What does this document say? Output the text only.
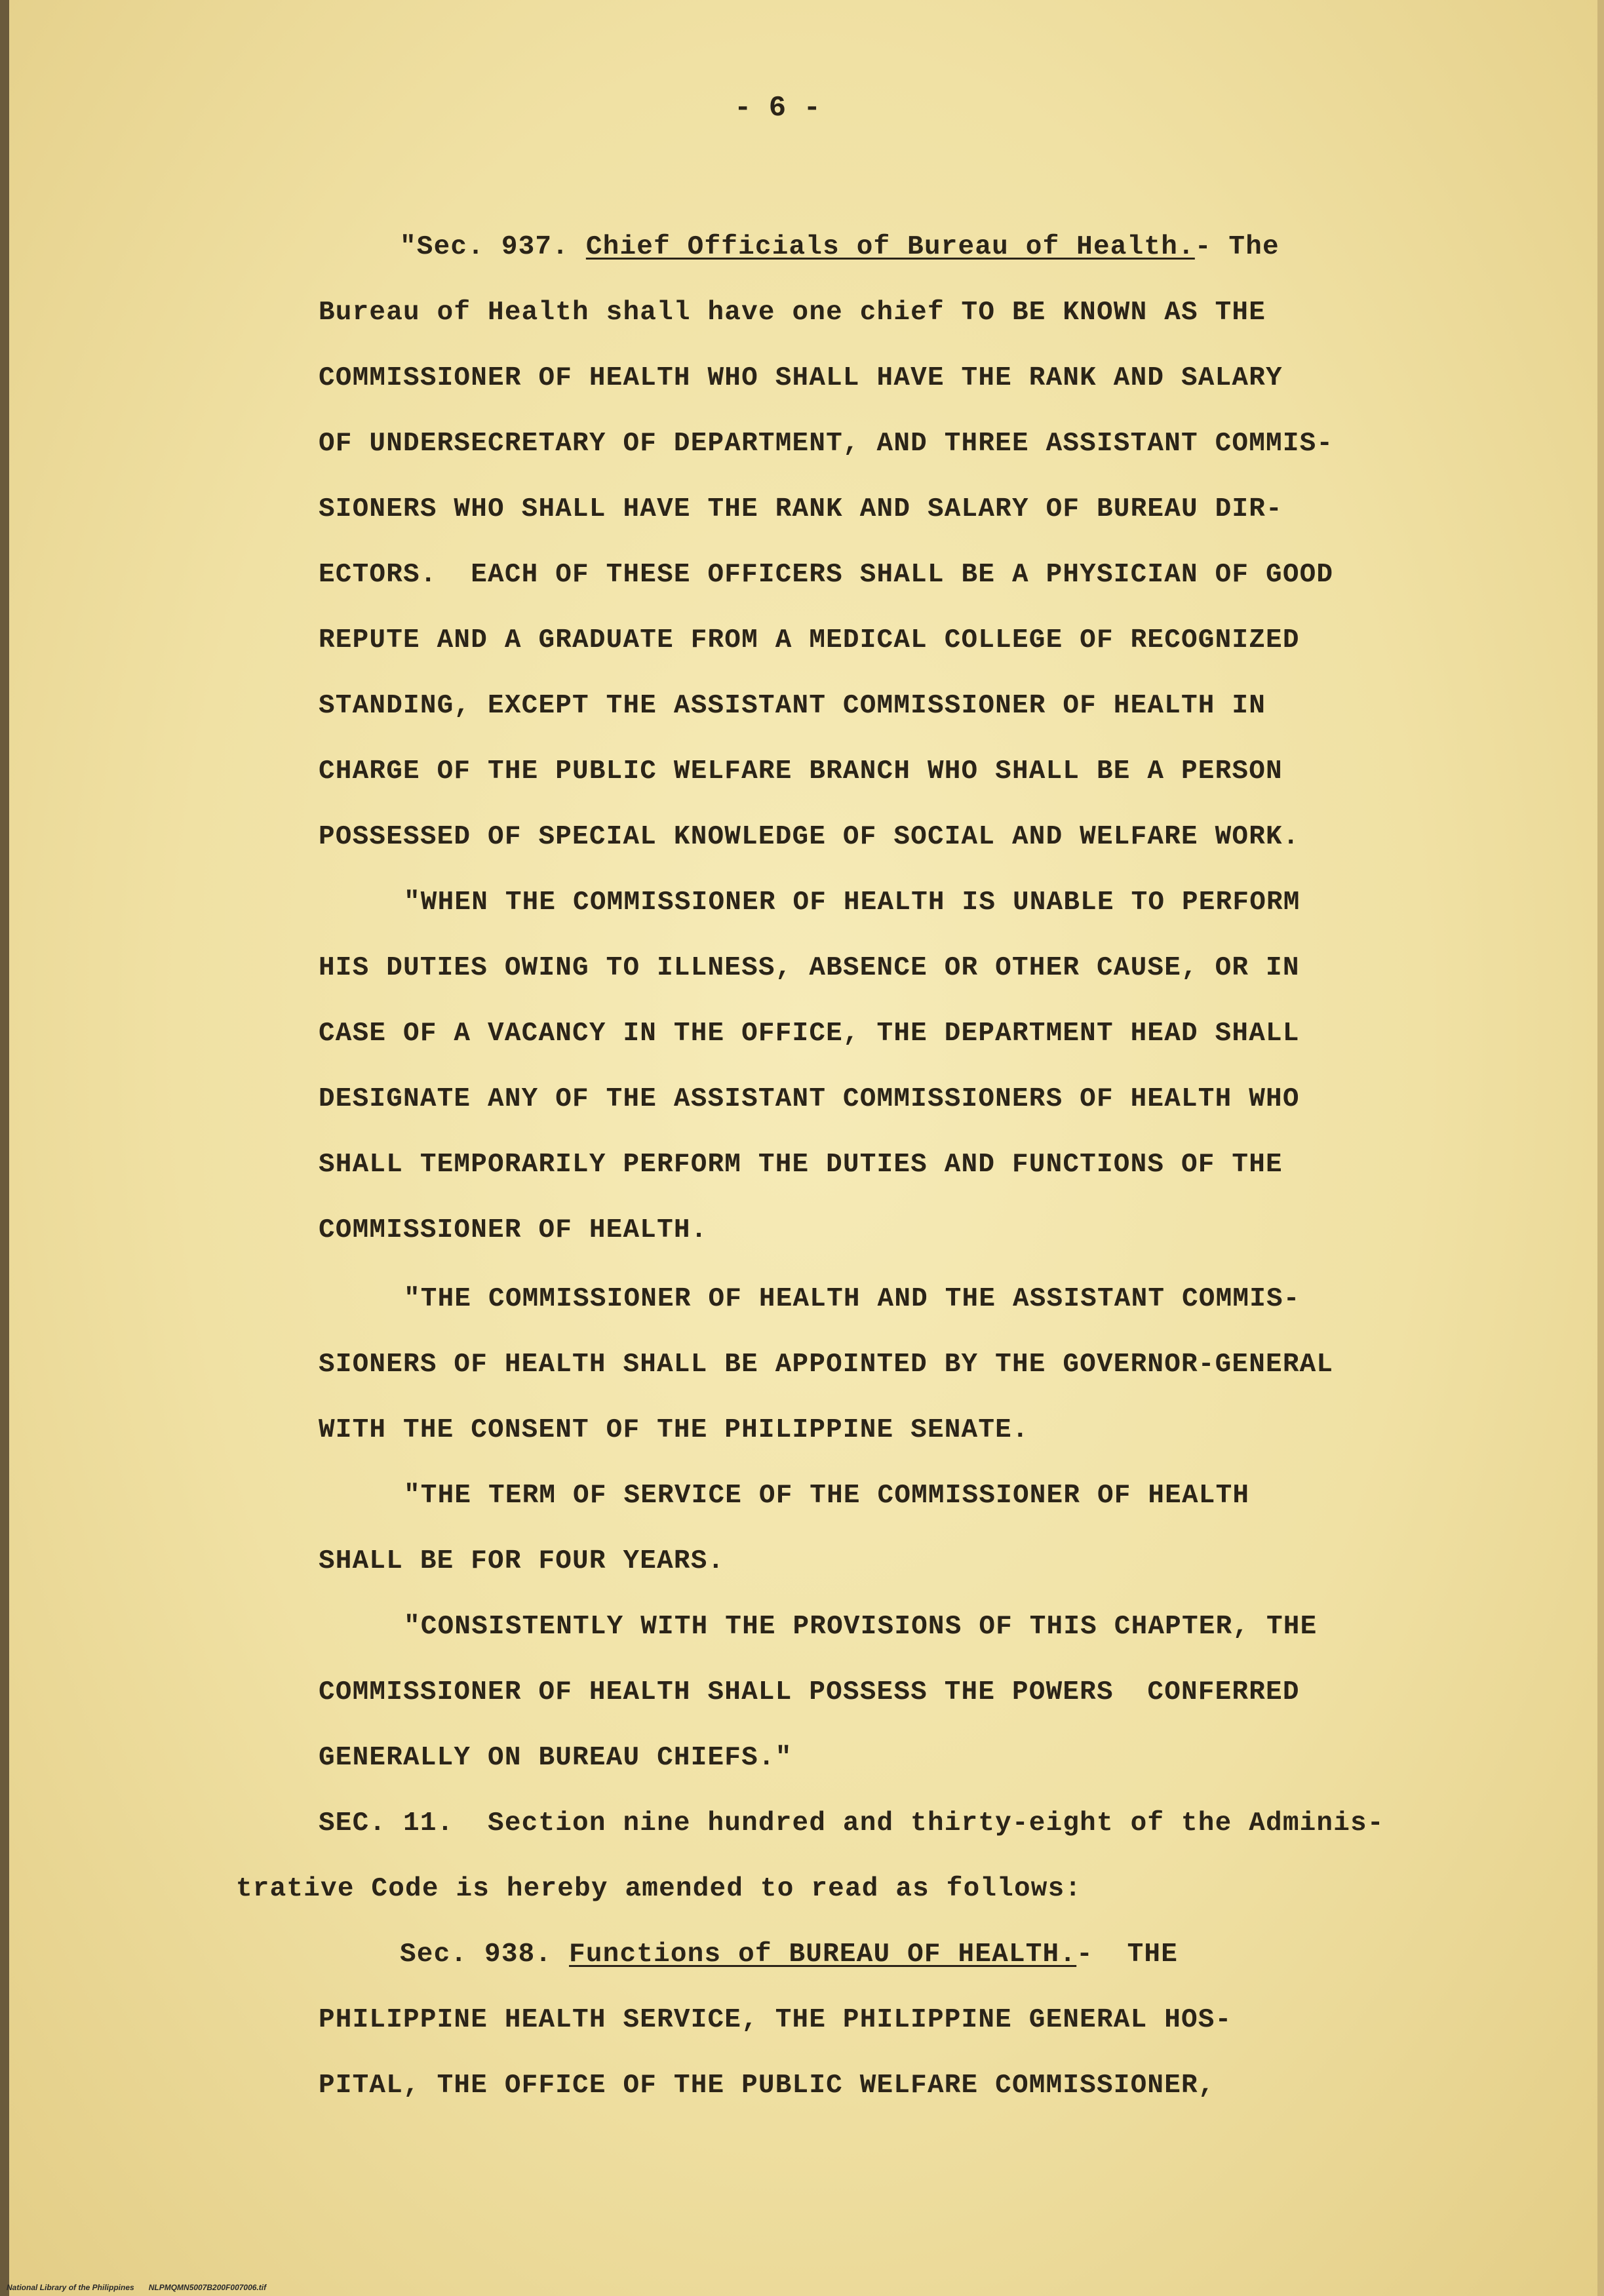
- 6 -
"Sec. 937. Chief Officials of Bureau of Health.- The
Bureau of Health shall have one chief TO BE KNOWN AS THE
COMMISSIONER OF HEALTH WHO SHALL HAVE THE RANK AND SALARY
OF UNDERSECRETARY OF DEPARTMENT, AND THREE ASSISTANT COMMIS-
SIONERS WHO SHALL HAVE THE RANK AND SALARY OF BUREAU DIR-
ECTORS.  EACH OF THESE OFFICERS SHALL BE A PHYSICIAN OF GOOD
REPUTE AND A GRADUATE FROM A MEDICAL COLLEGE OF RECOGNIZED
STANDING, EXCEPT THE ASSISTANT COMMISSIONER OF HEALTH IN
CHARGE OF THE PUBLIC WELFARE BRANCH WHO SHALL BE A PERSON
POSSESSED OF SPECIAL KNOWLEDGE OF SOCIAL AND WELFARE WORK.
"WHEN THE COMMISSIONER OF HEALTH IS UNABLE TO PERFORM
HIS DUTIES OWING TO ILLNESS, ABSENCE OR OTHER CAUSE, OR IN
CASE OF A VACANCY IN THE OFFICE, THE DEPARTMENT HEAD SHALL
DESIGNATE ANY OF THE ASSISTANT COMMISSIONERS OF HEALTH WHO
SHALL TEMPORARILY PERFORM THE DUTIES AND FUNCTIONS OF THE
COMMISSIONER OF HEALTH.
"THE COMMISSIONER OF HEALTH AND THE ASSISTANT COMMIS-
SIONERS OF HEALTH SHALL BE APPOINTED BY THE GOVERNOR-GENERAL
WITH THE CONSENT OF THE PHILIPPINE SENATE.
"THE TERM OF SERVICE OF THE COMMISSIONER OF HEALTH
SHALL BE FOR FOUR YEARS.
"CONSISTENTLY WITH THE PROVISIONS OF THIS CHAPTER, THE
COMMISSIONER OF HEALTH SHALL POSSESS THE POWERS  CONFERRED
GENERALLY ON BUREAU CHIEFS."
SEC. 11.  Section nine hundred and thirty-eight of the Adminis-
trative Code is hereby amended to read as follows:
Sec. 938. Functions of BUREAU OF HEALTH.-  THE
PHILIPPINE HEALTH SERVICE, THE PHILIPPINE GENERAL HOS-
PITAL, THE OFFICE OF THE PUBLIC WELFARE COMMISSIONER,
National Library of the Philippines NLPMQMN5007B200F007006.tif
